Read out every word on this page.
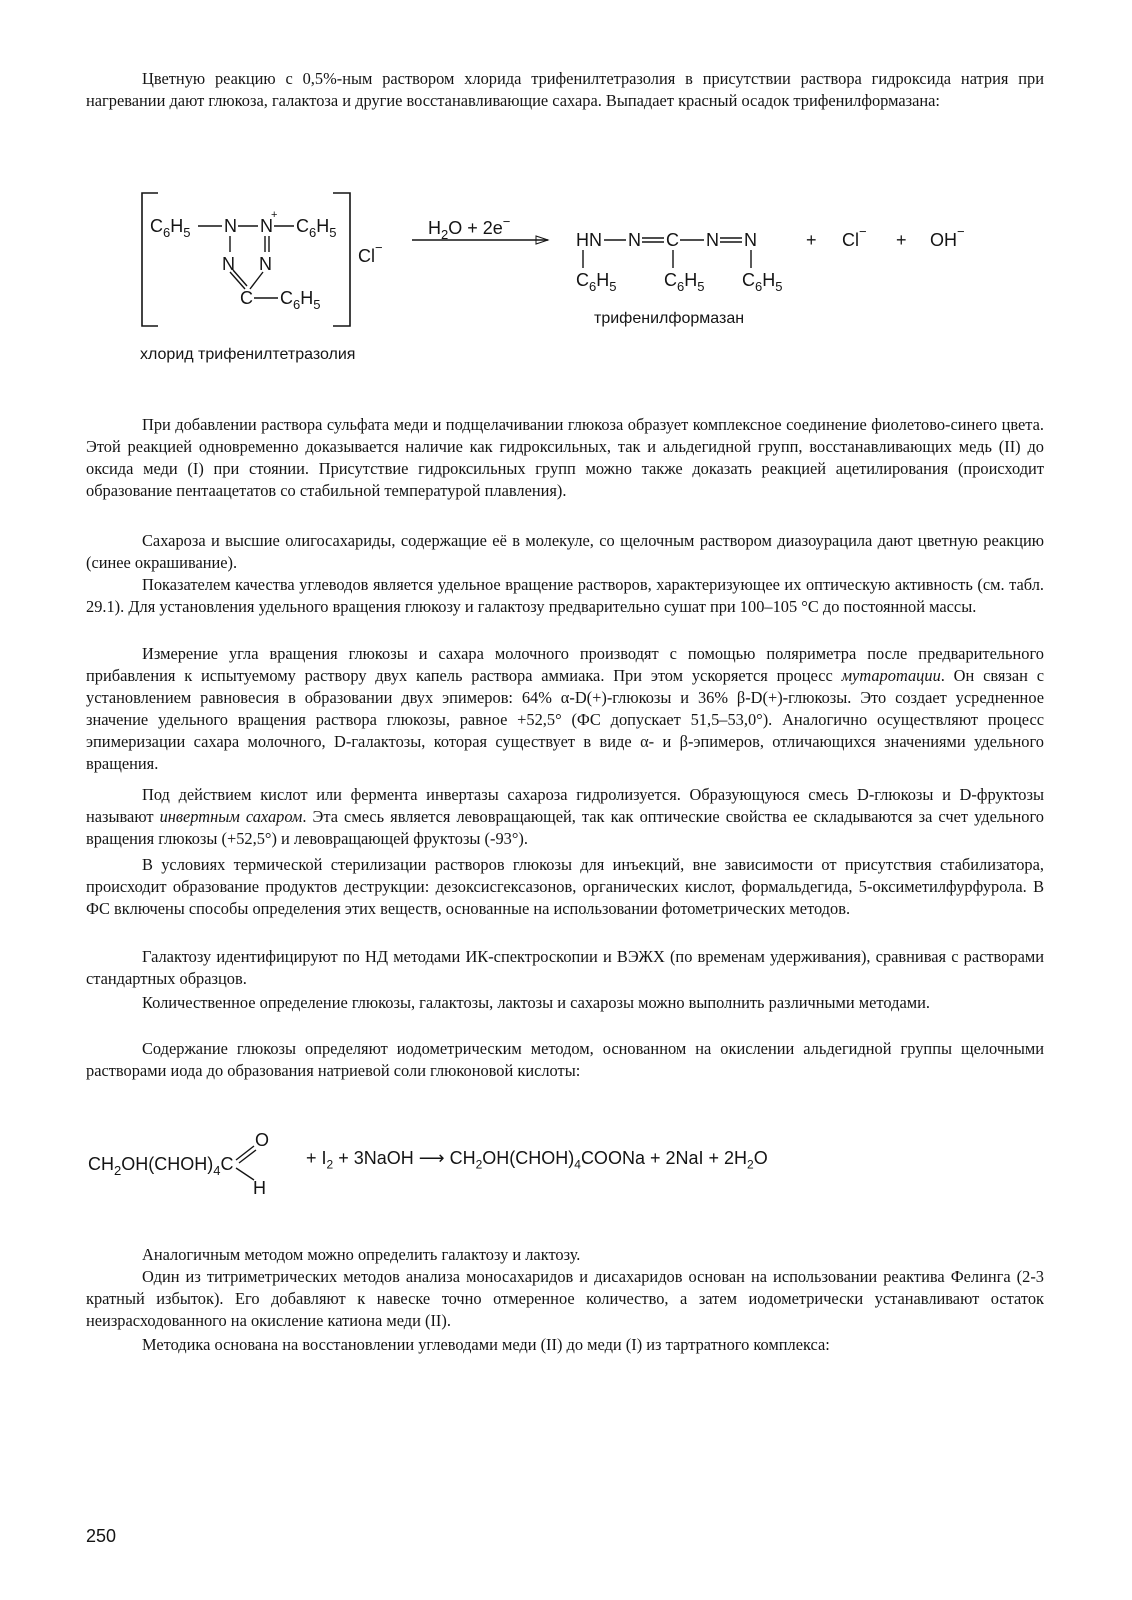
Цветную реакцию с 0,5%-ным раствором хлорида трифенилтетразолия в присутствии раствора гидроксида натрия при нагревании дают глюкоза, галактоза и другие восстанавливающие сахара. Выпадает красный осадок трифенилформазана:

$C_6H_5$ N N
+
$C_6H_5$
N N
C $C_6H_5$
Cl−
$H_2O + 2e^-$
HN N C N N
$C_6H_5$	$C_6H_5$ $C_6H_5$
+ Cl− + OH−
трифенилформазан
хлорид трифенилтетразолия

При добавлении раствора сульфата меди и подщелачивании глюкоза образует комплексное соединение фиолетово-синего цвета. Этой реакцией одновременно доказывается наличие как гидроксильных, так и альдегидной групп, восстанавливающих медь (II) до оксида меди (I) при стоянии. Присутствие гидроксильных групп можно также доказать реакцией ацетилирования (происходит образование пентаацетатов со стабильной температурой плавления).

Сахароза и высшие олигосахариды, содержащие её в молекуле, со щелочным раствором диазоурацила дают цветную реакцию (синее окрашивание).

Показателем качества углеводов является удельное вращение растворов, характеризующее их оптическую активность (см. табл. 29.1). Для установления удельного вращения глюкозу и галактозу предварительно сушат при 100–105 °C до постоянной массы.

Измерение угла вращения глюкозы и сахара молочного производят с помощью поляриметра после предварительного прибавления к испытуемому раствору двух капель раствора аммиака. При этом ускоряется процесс мутаротации. Он связан с установлением равновесия в образовании двух эпимеров: 64% α-D(+)-глюкозы и 36% β-D(+)-глюкозы. Это создает усредненное значение удельного вращения раствора глюкозы, равное +52,5° (ФС допускает 51,5–53,0°). Аналогично осуществляют процесс эпимеризации сахара молочного, D-галактозы, которая существует в виде α- и β-эпимеров, отличающихся значениями удельного вращения.

Под действием кислот или фермента инвертазы сахароза гидролизуется. Образующуюся смесь D-глюкозы и D-фруктозы называют инвертным сахаром. Эта смесь является левовращающей, так как оптические свойства ее складываются за счет удельного вращения глюкозы (+52,5°) и левовращающей фруктозы (-93°).

В условиях термической стерилизации растворов глюкозы для инъекций, вне зависимости от присутствия стабилизатора, происходит образование продуктов деструкции: дезоксисгексазонов, органических кислот, формальдегида, 5-оксиметилфурфурола. В ФС включены способы определения этих веществ, основанные на использовании фотометрических методов.

Галактозу идентифицируют по НД методами ИК-спектроскопии и ВЭЖХ (по временам удерживания), сравнивая с растворами стандартных образцов.

Количественное определение глюкозы, галактозы, лактозы и сахарозы можно выполнить различными методами.

Содержание глюкозы определяют иодометрическим методом, основанном на окислении альдегидной группы щелочными растворами иода до образования натриевой соли глюконовой кислоты:

$CH_2OH(CHOH)_4C$
O
H
+ $I_2$ + 3NaOH ⟶ $CH_2OH(CHOH)_4COONa + 2NaI + 2H_2O$

Аналогичным методом можно определить галактозу и лактозу.

Один из титриметрических методов анализа моносахаридов и дисахаридов основан на использовании реактива Фелинга (2-3 кратный избыток). Его добавляют к навеске точно отмеренное количество, а затем иодометрически устанавливают остаток неизрасходованного на окисление катиона меди (II).

Методика основана на восстановлении углеводами меди (II) до меди (I) из тартратного комплекса:

250
